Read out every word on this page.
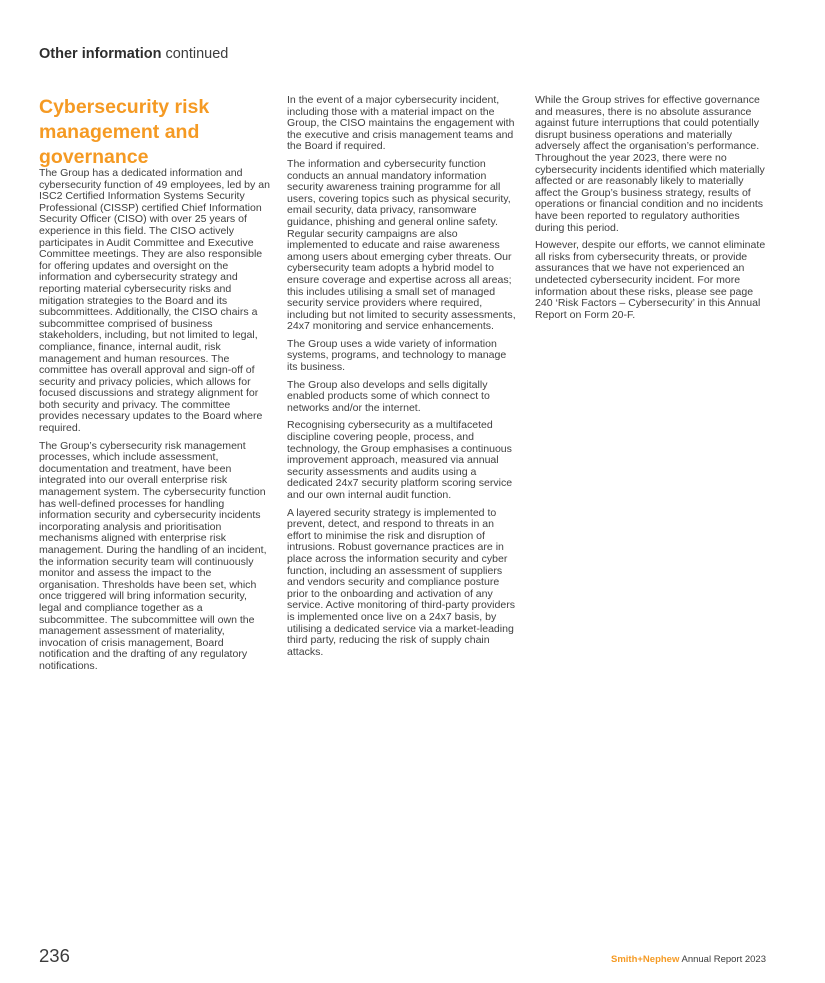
Other information continued
Cybersecurity risk management and governance

The Group has a dedicated information and cybersecurity function of 49 employees, led by an ISC2 Certified Information Systems Security Professional (CISSP) certified Chief Information Security Officer (CISO) with over 25 years of experience in this field. The CISO actively participates in Audit Committee and Executive Committee meetings. They are also responsible for offering updates and oversight on the information and cybersecurity strategy and reporting material cybersecurity risks and mitigation strategies to the Board and its subcommittees. Additionally, the CISO chairs a subcommittee comprised of business stakeholders, including, but not limited to legal, compliance, finance, internal audit, risk management and human resources. The committee has overall approval and sign-off of security and privacy policies, which allows for focused discussions and strategy alignment for both security and privacy. The committee provides necessary updates to the Board where required.

The Group’s cybersecurity risk management processes, which include assessment, documentation and treatment, have been integrated into our overall enterprise risk management system. The cybersecurity function has well-defined processes for handling information security and cybersecurity incidents incorporating analysis and prioritisation mechanisms aligned with enterprise risk management. During the handling of an incident, the information security team will continuously monitor and assess the impact to the organisation. Thresholds have been set, which once triggered will bring information security, legal and compliance together as a subcommittee. The subcommittee will own the management assessment of materiality, invocation of crisis management, Board notification and the drafting of any regulatory notifications.

In the event of a major cybersecurity incident, including those with a material impact on the Group, the CISO maintains the engagement with the executive and crisis management teams and the Board if required.

The information and cybersecurity function conducts an annual mandatory information security awareness training programme for all users, covering topics such as physical security, email security, data privacy, ransomware guidance, phishing and general online safety. Regular security campaigns are also implemented to educate and raise awareness among users about emerging cyber threats. Our cybersecurity team adopts a hybrid model to ensure coverage and expertise across all areas; this includes utilising a small set of managed security service providers where required, including but not limited to security assessments, 24x7 monitoring and service enhancements.

The Group uses a wide variety of information systems, programs, and technology to manage its business.

The Group also develops and sells digitally enabled products some of which connect to networks and/or the internet.

Recognising cybersecurity as a multifaceted discipline covering people, process, and technology, the Group emphasises a continuous improvement approach, measured via annual security assessments and audits using a dedicated 24x7 security platform scoring service and our own internal audit function.

A layered security strategy is implemented to prevent, detect, and respond to threats in an effort to minimise the risk and disruption of intrusions. Robust governance practices are in place across the information security and cyber function, including an assessment of suppliers and vendors security and compliance posture prior to the onboarding and activation of any service. Active monitoring of third-party providers is implemented once live on a 24x7 basis, by utilising a dedicated service via a market-leading third party, reducing the risk of supply chain attacks.

While the Group strives for effective governance and measures, there is no absolute assurance against future interruptions that could potentially disrupt business operations and materially adversely affect the organisation’s performance. Throughout the year 2023, there were no cybersecurity incidents identified which materially affected or are reasonably likely to materially affect the Group’s business strategy, results of operations or financial condition and no incidents have been reported to regulatory authorities during this period.

However, despite our efforts, we cannot eliminate all risks from cybersecurity threats, or provide assurances that we have not experienced an undetected cybersecurity incident. For more information about these risks, please see page 240 ‘Risk Factors – Cybersecurity’ in this Annual Report on Form 20-F.

236	Smith+Nephew Annual Report 2023
